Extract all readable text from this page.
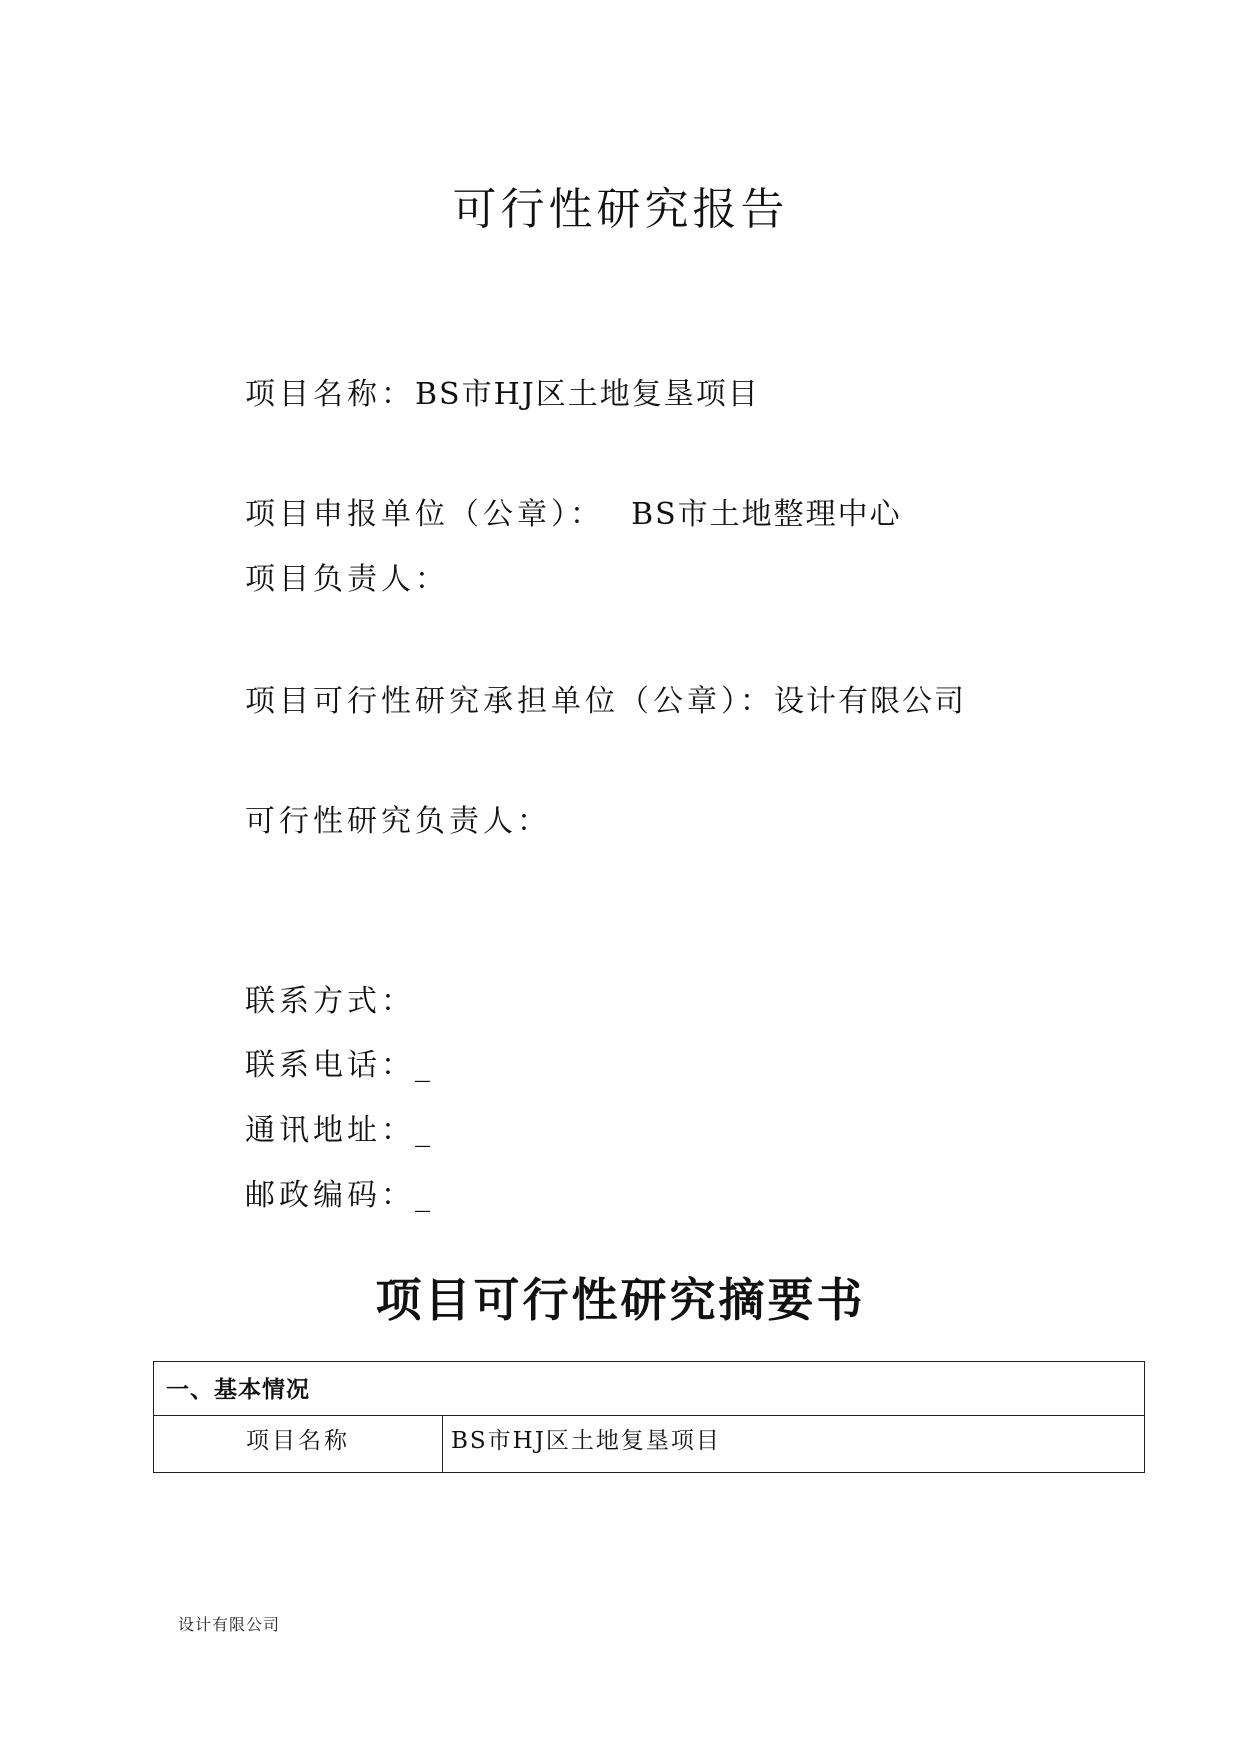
可行性研究报告
项目名称：BS市HJ区土地复垦项目
项目申报单位（公章）： BS市土地整理中心
项目负责人：
项目可行性研究承担单位（公章）：设计有限公司
可行性研究负责人：
联系方式：
联系电话：_
通讯地址：_
邮政编码：_
项目可行性研究摘要书
一、基本情况
项目名称	BS市HJ区土地复垦项目
设计有限公司
